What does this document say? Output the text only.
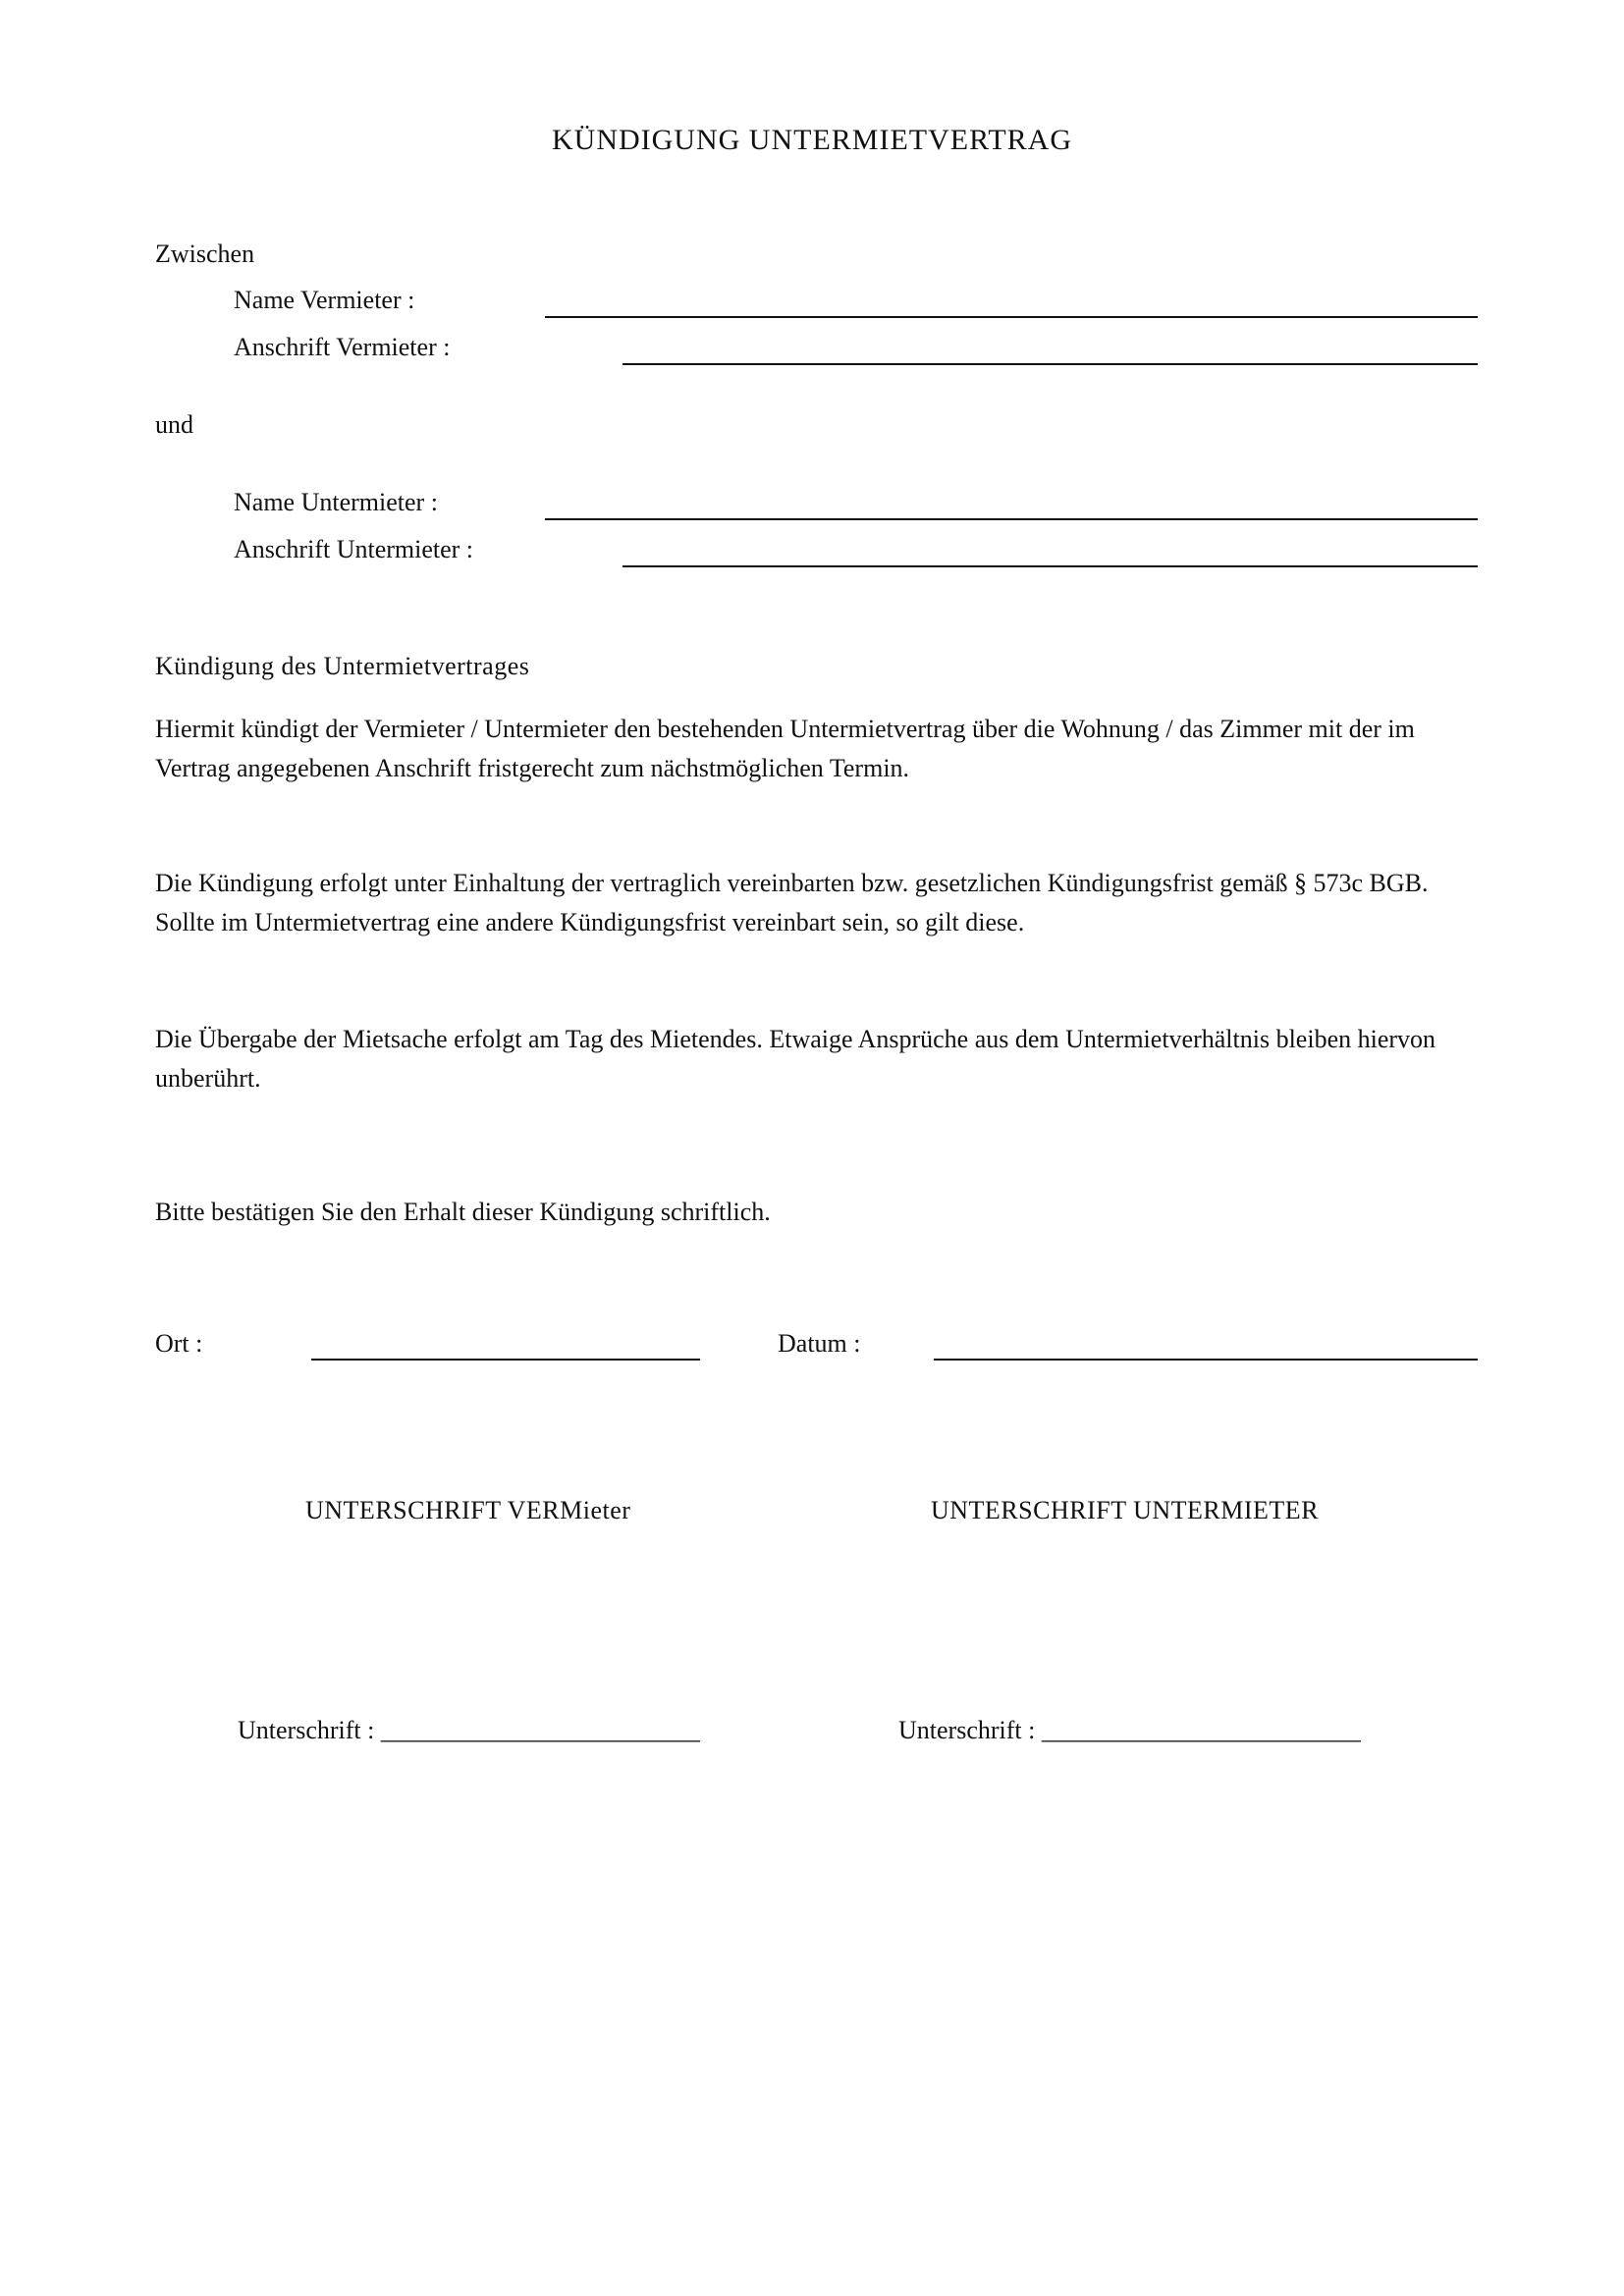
KÜNDIGUNG UNTERMIETVERTRAG
Zwischen
Name Vermieter :
Anschrift Vermieter :
und
Name Untermieter :
Anschrift Untermieter :
Kündigung des Untermietvertrages
Hiermit kündigt der Vermieter / Untermieter den bestehenden Untermietvertrag über die Wohnung / das Zimmer mit der im Vertrag angegebenen Anschrift fristgerecht zum nächstmöglichen Termin.
Die Kündigung erfolgt unter Einhaltung der vertraglich vereinbarten bzw. gesetzlichen Kündigungsfrist gemäß § 573c BGB. Sollte im Untermietvertrag eine andere Kündigungsfrist vereinbart sein, so gilt diese.
Die Übergabe der Mietsache erfolgt am Tag des Mietendes. Etwaige Ansprüche aus dem Untermietverhältnis bleiben hiervon unberührt.
Bitte bestätigen Sie den Erhalt dieser Kündigung schriftlich.
Ort :	Datum :
UNTERSCHRIFT VERMieter	UNTERSCHRIFT UNTERMIETER
Unterschrift : _________________________	Unterschrift : _________________________
